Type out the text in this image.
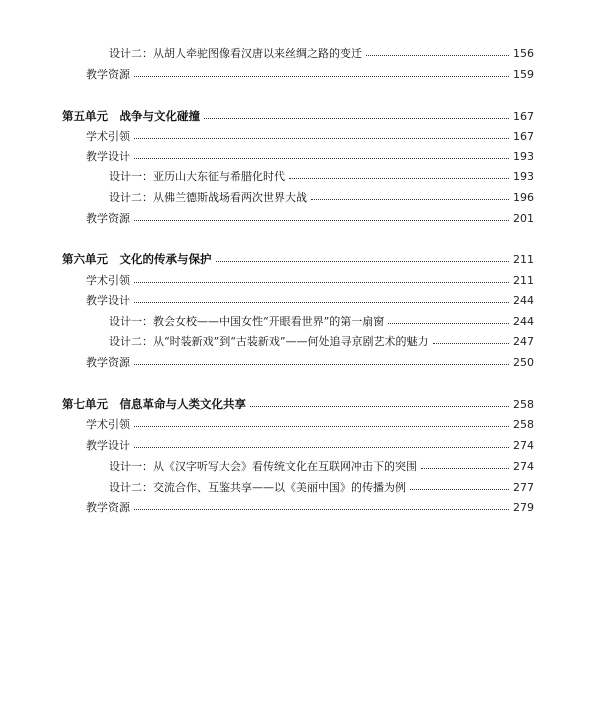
设计二：从胡人牵驼图像看汉唐以来丝绸之路的变迁	156
教学资源	159
第五单元　战争与文化碰撞	167
学术引领	167
教学设计	193
设计一：亚历山大东征与希腊化时代	193
设计二：从佛兰德斯战场看两次世界大战	196
教学资源	201
第六单元　文化的传承与保护	211
学术引领	211
教学设计	244
设计一：教会女校——中国女性“开眼看世界”的第一扇窗	244
设计二：从“时装新戏”到“古装新戏”——何处追寻京剧艺术的魅力	247
教学资源	250
第七单元　信息革命与人类文化共享	258
学术引领	258
教学设计	274
设计一：从《汉字听写大会》看传统文化在互联网冲击下的突围	274
设计二：交流合作、互鉴共享——以《美丽中国》的传播为例	277
教学资源	279
